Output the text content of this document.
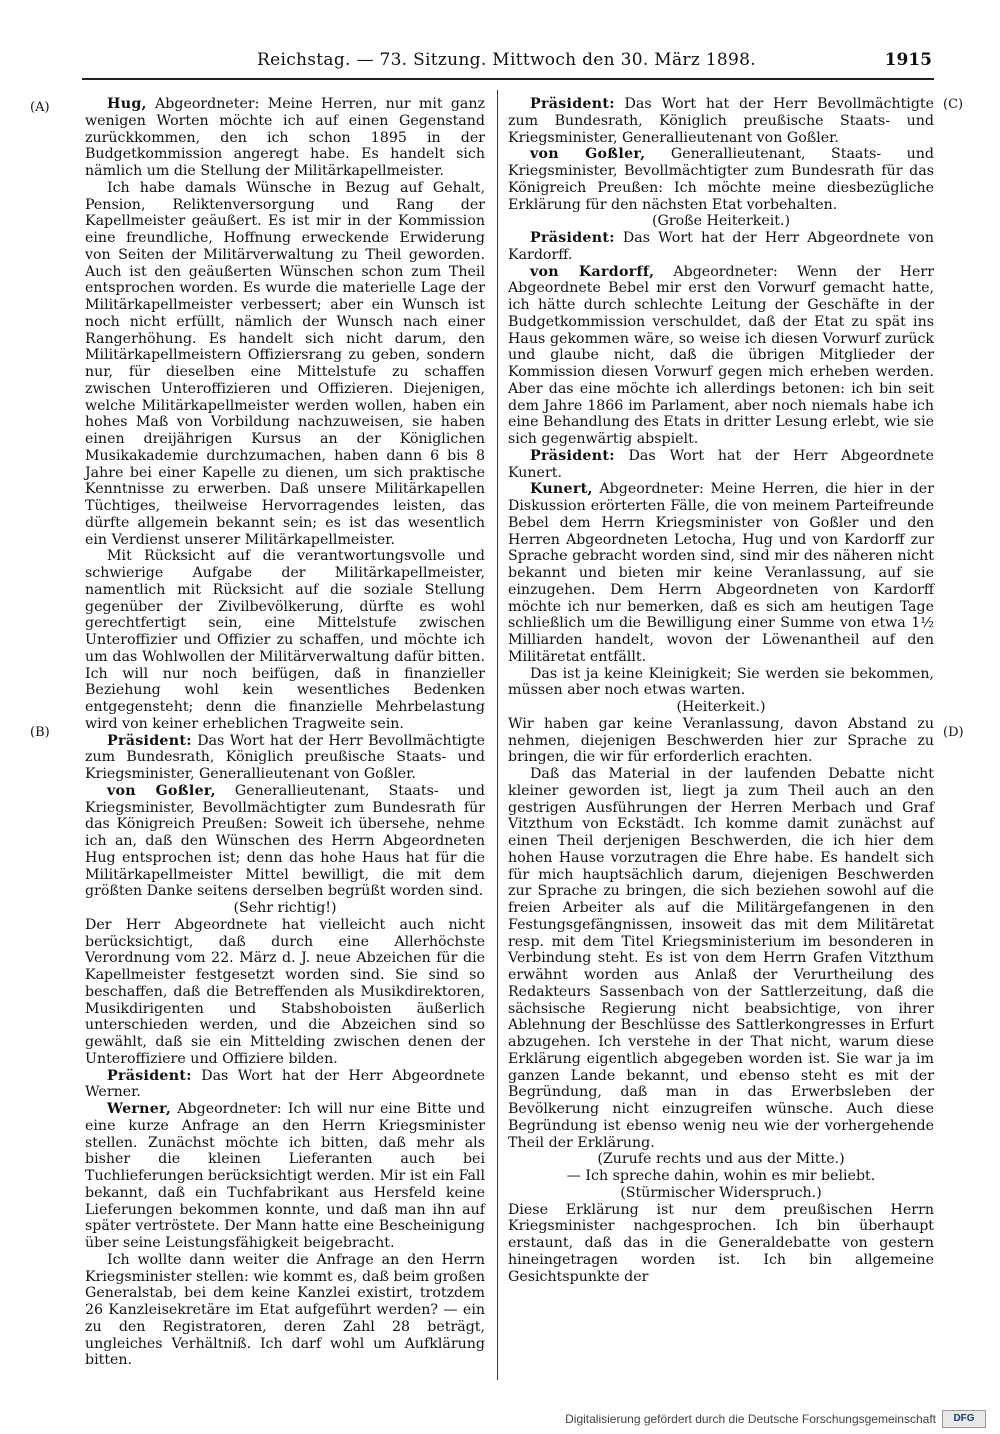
Reichstag. — 73. Sitzung. Mittwoch den 30. März 1898.	1915
(A)
(B)
(C)
(D)

Hug, Abgeordneter: Meine Herren, nur mit ganz wenigen Worten möchte ich auf einen Gegenstand zurückkommen, den ich schon 1895 in der Budgetkommission angeregt habe. Es handelt sich nämlich um die Stellung der Militärkapellmeister.

Ich habe damals Wünsche in Bezug auf Gehalt, Pension, Reliktenversorgung und Rang der Kapellmeister geäußert. Es ist mir in der Kommission eine freundliche, Hoffnung erweckende Erwiderung von Seiten der Militärverwaltung zu Theil geworden. Auch ist den geäußerten Wünschen schon zum Theil entsprochen worden. Es wurde die materielle Lage der Militärkapellmeister verbessert; aber ein Wunsch ist noch nicht erfüllt, nämlich der Wunsch nach einer Rangerhöhung. Es handelt sich nicht darum, den Militärkapellmeistern Offiziersrang zu geben, sondern nur, für dieselben eine Mittelstufe zu schaffen zwischen Unteroffizieren und Offizieren. Diejenigen, welche Militärkapellmeister werden wollen, haben ein hohes Maß von Vorbildung nachzuweisen, sie haben einen dreijährigen Kursus an der Königlichen Musikakademie durchzumachen, haben dann 6 bis 8 Jahre bei einer Kapelle zu dienen, um sich praktische Kenntnisse zu erwerben. Daß unsere Militärkapellen Tüchtiges, theilweise Hervorragendes leisten, das dürfte allgemein bekannt sein; es ist das wesentlich ein Verdienst unserer Militärkapellmeister.

Mit Rücksicht auf die verantwortungsvolle und schwierige Aufgabe der Militärkapellmeister, namentlich mit Rücksicht auf die soziale Stellung gegenüber der Zivilbevölkerung, dürfte es wohl gerechtfertigt sein, eine Mittelstufe zwischen Unteroffizier und Offizier zu schaffen, und möchte ich um das Wohlwollen der Militärverwaltung dafür bitten. Ich will nur noch beifügen, daß in finanzieller Beziehung wohl kein wesentliches Bedenken entgegensteht; denn die finanzielle Mehrbelastung wird von keiner erheblichen Tragweite sein.

Präsident: Das Wort hat der Herr Bevollmächtigte zum Bundesrath, Königlich preußische Staats- und Kriegsminister, Generallieutenant von Goßler.

von Goßler, Generallieutenant, Staats- und Kriegsminister, Bevollmächtigter zum Bundesrath für das Königreich Preußen: Soweit ich übersehe, nehme ich an, daß den Wünschen des Herrn Abgeordneten Hug entsprochen ist; denn das hohe Haus hat für die Militärkapellmeister Mittel bewilligt, die mit dem größten Danke seitens derselben begrüßt worden sind.

(Sehr richtig!)

Der Herr Abgeordnete hat vielleicht auch nicht berücksichtigt, daß durch eine Allerhöchste Verordnung vom 22. März d. J. neue Abzeichen für die Kapellmeister festgesetzt worden sind. Sie sind so beschaffen, daß die Betreffenden als Musikdirektoren, Musikdirigenten und Stabshoboisten äußerlich unterschieden werden, und die Abzeichen sind so gewählt, daß sie ein Mittelding zwischen denen der Unteroffiziere und Offiziere bilden.

Präsident: Das Wort hat der Herr Abgeordnete Werner.

Werner, Abgeordneter: Ich will nur eine Bitte und eine kurze Anfrage an den Herrn Kriegsminister stellen. Zunächst möchte ich bitten, daß mehr als bisher die kleinen Lieferanten auch bei Tuchlieferungen berücksichtigt werden. Mir ist ein Fall bekannt, daß ein Tuchfabrikant aus Hersfeld keine Lieferungen bekommen konnte, und daß man ihn auf später vertröstete. Der Mann hatte eine Bescheinigung über seine Leistungsfähigkeit beigebracht.

Ich wollte dann weiter die Anfrage an den Herrn Kriegsminister stellen: wie kommt es, daß beim großen Generalstab, bei dem keine Kanzlei existirt, trotzdem 26 Kanzleisekretäre im Etat aufgeführt werden? — ein zu den Registratoren, deren Zahl 28 beträgt, ungleiches Verhältniß. Ich darf wohl um Aufklärung bitten.

Präsident: Das Wort hat der Herr Bevollmächtigte zum Bundesrath, Königlich preußische Staats- und Kriegsminister, Generallieutenant von Goßler.

von Goßler, Generallieutenant, Staats- und Kriegsminister, Bevollmächtigter zum Bundesrath für das Königreich Preußen: Ich möchte meine diesbezügliche Erklärung für den nächsten Etat vorbehalten.

(Große Heiterkeit.)

Präsident: Das Wort hat der Herr Abgeordnete von Kardorff.

von Kardorff, Abgeordneter: Wenn der Herr Abgeordnete Bebel mir erst den Vorwurf gemacht hatte, ich hätte durch schlechte Leitung der Geschäfte in der Budgetkommission verschuldet, daß der Etat zu spät ins Haus gekommen wäre, so weise ich diesen Vorwurf zurück und glaube nicht, daß die übrigen Mitglieder der Kommission diesen Vorwurf gegen mich erheben werden. Aber das eine möchte ich allerdings betonen: ich bin seit dem Jahre 1866 im Parlament, aber noch niemals habe ich eine Behandlung des Etats in dritter Lesung erlebt, wie sie sich gegenwärtig abspielt.

Präsident: Das Wort hat der Herr Abgeordnete Kunert.

Kunert, Abgeordneter: Meine Herren, die hier in der Diskussion erörterten Fälle, die von meinem Parteifreunde Bebel dem Herrn Kriegsminister von Goßler und den Herren Abgeordneten Letocha, Hug und von Kardorff zur Sprache gebracht worden sind, sind mir des näheren nicht bekannt und bieten mir keine Veranlassung, auf sie einzugehen. Dem Herrn Abgeordneten von Kardorff möchte ich nur bemerken, daß es sich am heutigen Tage schließlich um die Bewilligung einer Summe von etwa 1½ Milliarden handelt, wovon der Löwenantheil auf den Militäretat entfällt.

Das ist ja keine Kleinigkeit; Sie werden sie bekommen, müssen aber noch etwas warten.

(Heiterkeit.)

Wir haben gar keine Veranlassung, davon Abstand zu nehmen, diejenigen Beschwerden hier zur Sprache zu bringen, die wir für erforderlich erachten.

Daß das Material in der laufenden Debatte nicht kleiner geworden ist, liegt ja zum Theil auch an den gestrigen Ausführungen der Herren Merbach und Graf Vitzthum von Eckstädt. Ich komme damit zunächst auf einen Theil derjenigen Beschwerden, die ich hier dem hohen Hause vorzutragen die Ehre habe. Es handelt sich für mich hauptsächlich darum, diejenigen Beschwerden zur Sprache zu bringen, die sich beziehen sowohl auf die freien Arbeiter als auf die Militärgefangenen in den Festungsgefängnissen, insoweit das mit dem Militäretat resp. mit dem Titel Kriegsministerium im besonderen in Verbindung steht. Es ist von dem Herrn Grafen Vitzthum erwähnt worden aus Anlaß der Verurtheilung des Redakteurs Sassenbach von der Sattlerzeitung, daß die sächsische Regierung nicht beabsichtige, von ihrer Ablehnung der Beschlüsse des Sattlerkongresses in Erfurt abzugehen. Ich verstehe in der That nicht, warum diese Erklärung eigentlich abgegeben worden ist. Sie war ja im ganzen Lande bekannt, und ebenso steht es mit der Begründung, daß man in das Erwerbsleben der Bevölkerung nicht einzugreifen wünsche. Auch diese Begründung ist ebenso wenig neu wie der vorhergehende Theil der Erklärung.

(Zurufe rechts und aus der Mitte.)

— Ich spreche dahin, wohin es mir beliebt.

(Stürmischer Widerspruch.)

Diese Erklärung ist nur dem preußischen Herrn Kriegsminister nachgesprochen. Ich bin überhaupt erstaunt, daß das in die Generaldebatte von gestern hineingetragen worden ist. Ich bin allgemeine Gesichtspunkte der

Digitalisierung gefördert durch die Deutsche Forschungsgemeinschaft	DFG
